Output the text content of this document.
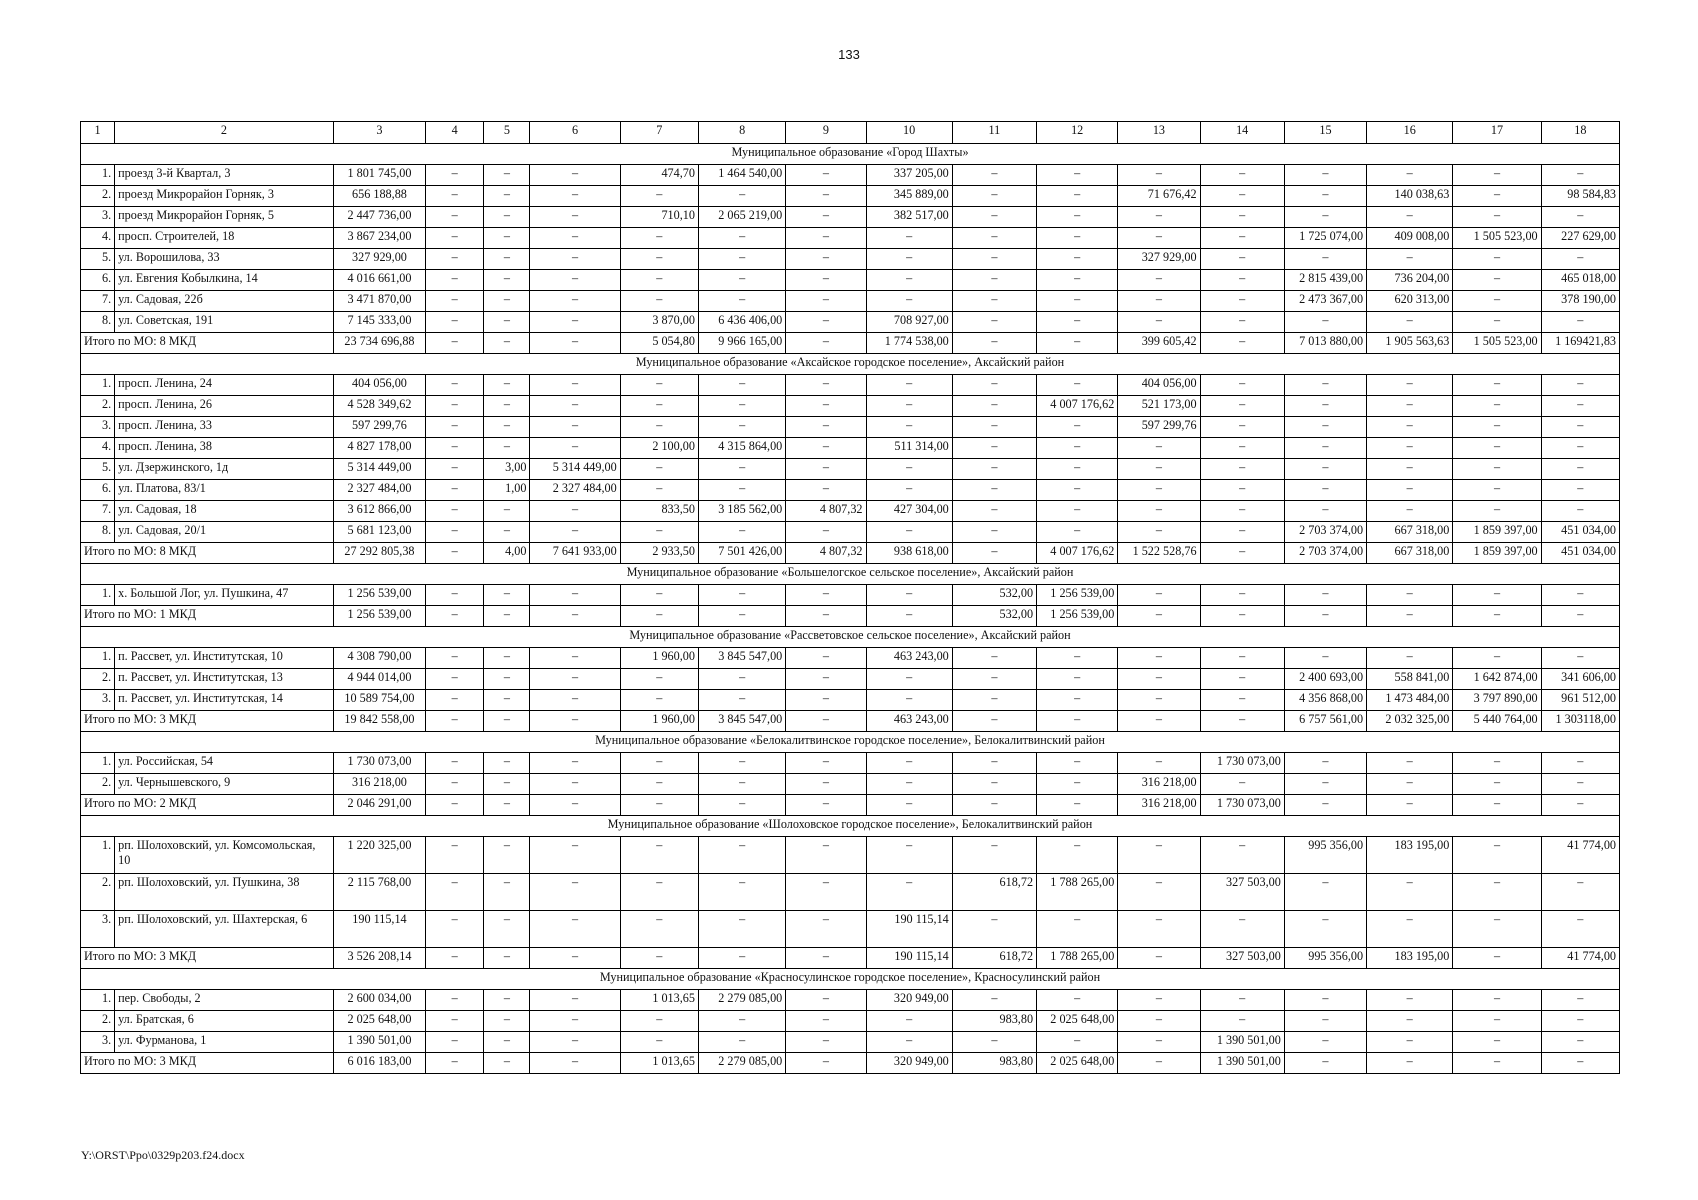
133
1	2	3	4	5	6	7	8	9	10	11	12	13	14	15	16	17	18
Муниципальное образование «Город Шахты»																	
1.	проезд 3-й Квартал, 3	1 801 745,00	–	–	–	474,70	1 464 540,00	–	337 205,00	–	–	–	–	–	–	–	–
2.	проезд Микрорайон Горняк, 3	656 188,88	–	–	–	–	–	–	345 889,00	–	–	71 676,42	–	–	140 038,63	–	98 584,83
3.	проезд Микрорайон Горняк, 5	2 447 736,00	–	–	–	710,10	2 065 219,00	–	382 517,00	–	–	–	–	–	–	–	–
4.	просп. Строителей, 18	3 867 234,00	–	–	–	–	–	–	–	–	–	–	–	1 725 074,00	409 008,00	1 505 523,00	227 629,00
5.	ул. Ворошилова, 33	327 929,00	–	–	–	–	–	–	–	–	–	327 929,00	–	–	–	–	–
6.	ул. Евгения Кобылкина, 14	4 016 661,00	–	–	–	–	–	–	–	–	–	–	–	2 815 439,00	736 204,00	–	465 018,00
7.	ул. Садовая, 22б	3 471 870,00	–	–	–	–	–	–	–	–	–	–	–	2 473 367,00	620 313,00	–	378 190,00
8.	ул. Советская, 191	7 145 333,00	–	–	–	3 870,00	6 436 406,00	–	708 927,00	–	–	–	–	–	–	–	–
Итого по МО: 8 МКД		23 734 696,88	–	–	–	5 054,80	9 966 165,00	–	1 774 538,00	–	–	399 605,42	–	7 013 880,00	1 905 563,63	1 505 523,00	1 169421,83
Муниципальное образование «Аксайское городское поселение», Аксайский район																	
1.	просп. Ленина, 24	404 056,00	–	–	–	–	–	–	–	–	–	404 056,00	–	–	–	–	–
2.	просп. Ленина, 26	4 528 349,62	–	–	–	–	–	–	–	–	4 007 176,62	521 173,00	–	–	–	–	–
3.	просп. Ленина, 33	597 299,76	–	–	–	–	–	–	–	–	–	597 299,76	–	–	–	–	–
4.	просп. Ленина, 38	4 827 178,00	–	–	–	2 100,00	4 315 864,00	–	511 314,00	–	–	–	–	–	–	–	–
5.	ул. Дзержинского, 1д	5 314 449,00	–	3,00	5 314 449,00	–	–	–	–	–	–	–	–	–	–	–	–
6.	ул. Платова, 83/1	2 327 484,00	–	1,00	2 327 484,00	–	–	–	–	–	–	–	–	–	–	–	–
7.	ул. Садовая, 18	3 612 866,00	–	–	–	833,50	3 185 562,00	4 807,32	427 304,00	–	–	–	–	–	–	–	–
8.	ул. Садовая, 20/1	5 681 123,00	–	–	–	–	–	–	–	–	–	–	–	2 703 374,00	667 318,00	1 859 397,00	451 034,00
Итого по МО: 8 МКД		27 292 805,38	–	4,00	7 641 933,00	2 933,50	7 501 426,00	4 807,32	938 618,00	–	4 007 176,62	1 522 528,76	–	2 703 374,00	667 318,00	1 859 397,00	451 034,00
Муниципальное образование «Большелогское сельское поселение», Аксайский район																	
1.	х. Большой Лог, ул. Пушкина, 47	1 256 539,00	–	–	–	–	–	–	–	532,00	1 256 539,00	–	–	–	–	–	–
Итого по МО: 1 МКД		1 256 539,00	–	–	–	–	–	–	–	532,00	1 256 539,00	–	–	–	–	–	–
Муниципальное образование «Рассветовское сельское поселение», Аксайский район																	
1.	п. Рассвет, ул. Институтская, 10	4 308 790,00	–	–	–	1 960,00	3 845 547,00	–	463 243,00	–	–	–	–	–	–	–	–
2.	п. Рассвет, ул. Институтская, 13	4 944 014,00	–	–	–	–	–	–	–	–	–	–	–	2 400 693,00	558 841,00	1 642 874,00	341 606,00
3.	п. Рассвет, ул. Институтская, 14	10 589 754,00	–	–	–	–	–	–	–	–	–	–	–	4 356 868,00	1 473 484,00	3 797 890,00	961 512,00
Итого по МО: 3 МКД		19 842 558,00	–	–	–	1 960,00	3 845 547,00	–	463 243,00	–	–	–	–	6 757 561,00	2 032 325,00	5 440 764,00	1 303118,00
Муниципальное образование «Белокалитвинское городское поселение», Белокалитвинский район																	
1.	ул. Российская, 54	1 730 073,00	–	–	–	–	–	–	–	–	–	–	1 730 073,00	–	–	–	–
2.	ул. Чернышевского, 9	316 218,00	–	–	–	–	–	–	–	–	–	316 218,00	–	–	–	–	–
Итого по МО: 2 МКД		2 046 291,00	–	–	–	–	–	–	–	–	–	316 218,00	1 730 073,00	–	–	–	–
Муниципальное образование «Шолоховское городское поселение», Белокалитвинский район																	
1.	рп. Шолоховский, ул. Комсомольская, 10	1 220 325,00	–	–	–	–	–	–	–	–	–	–	–	995 356,00	183 195,00	–	41 774,00
2.	рп. Шолоховский, ул. Пушкина, 38	2 115 768,00	–	–	–	–	–	–	–	618,72	1 788 265,00	–	327 503,00	–	–	–	–
3.	рп. Шолоховский, ул. Шахтерская, 6	190 115,14	–	–	–	–	–	–	190 115,14	–	–	–	–	–	–	–	–
Итого по МО: 3 МКД		3 526 208,14	–	–	–	–	–	–	190 115,14	618,72	1 788 265,00	–	327 503,00	995 356,00	183 195,00	–	41 774,00
Муниципальное образование «Красносулинское городское поселение», Красносулинский район																	
1.	пер. Свободы, 2	2 600 034,00	–	–	–	1 013,65	2 279 085,00	–	320 949,00	–	–	–	–	–	–	–	–
2.	ул. Братская, 6	2 025 648,00	–	–	–	–	–	–	–	983,80	2 025 648,00	–	–	–	–	–	–
3.	ул. Фурманова, 1	1 390 501,00	–	–	–	–	–	–	–	–	–	–	1 390 501,00	–	–	–	–
Итого по МО: 3 МКД		6 016 183,00	–	–	–	1 013,65	2 279 085,00	–	320 949,00	983,80	2 025 648,00	–	1 390 501,00	–	–	–	–
Y:\ORST\Ppo\0329p203.f24.docx
